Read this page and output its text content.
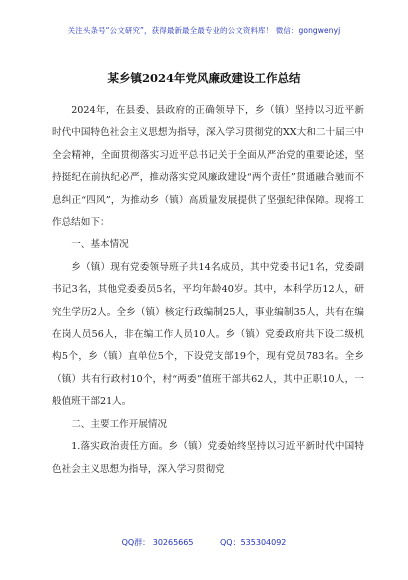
关注头条号“公文研究”，获得最新最全最专业的公文资料库！ 微信：gongwenyj
某乡镇2024年党风廉政建设工作总结

2024年，在县委、县政府的正确领导下，乡（镇）坚持以习近平新时代中国特色社会主义思想为指导，深入学习贯彻党的XX大和二十届三中全会精神，全面贯彻落实习近平总书记关于全面从严治党的重要论述，坚持挺纪在前执纪必严，推动落实党风廉政建设“两个责任”贯通融合驰而不息纠正“四风”，为推动乡（镇）高质量发展提供了坚强纪律保障。现将工作总结如下：

一、基本情况

乡（镇）现有党委领导班子共14名成员，其中党委书记1名，党委副书记3名，其他党委委员5名，平均年龄40岁。其中，本科学历12人，研究生学历2人。全乡（镇）核定行政编制25人，事业编制35人，共有在编在岗人员56人，非在编工作人员10人。乡（镇）党委政府共下设二级机构5个，乡（镇）直单位5个，下设党支部19个，现有党员783名。全乡（镇）共有行政村10个，村“两委”值班干部共62人，其中正职10人，一般值班干部21人。

二、主要工作开展情况

1.落实政治责任方面。乡（镇）党委始终坚持以习近平新时代中国特色社会主义思想为指导，深入学习贯彻党

QQ群： 30265665	QQ：535304092
